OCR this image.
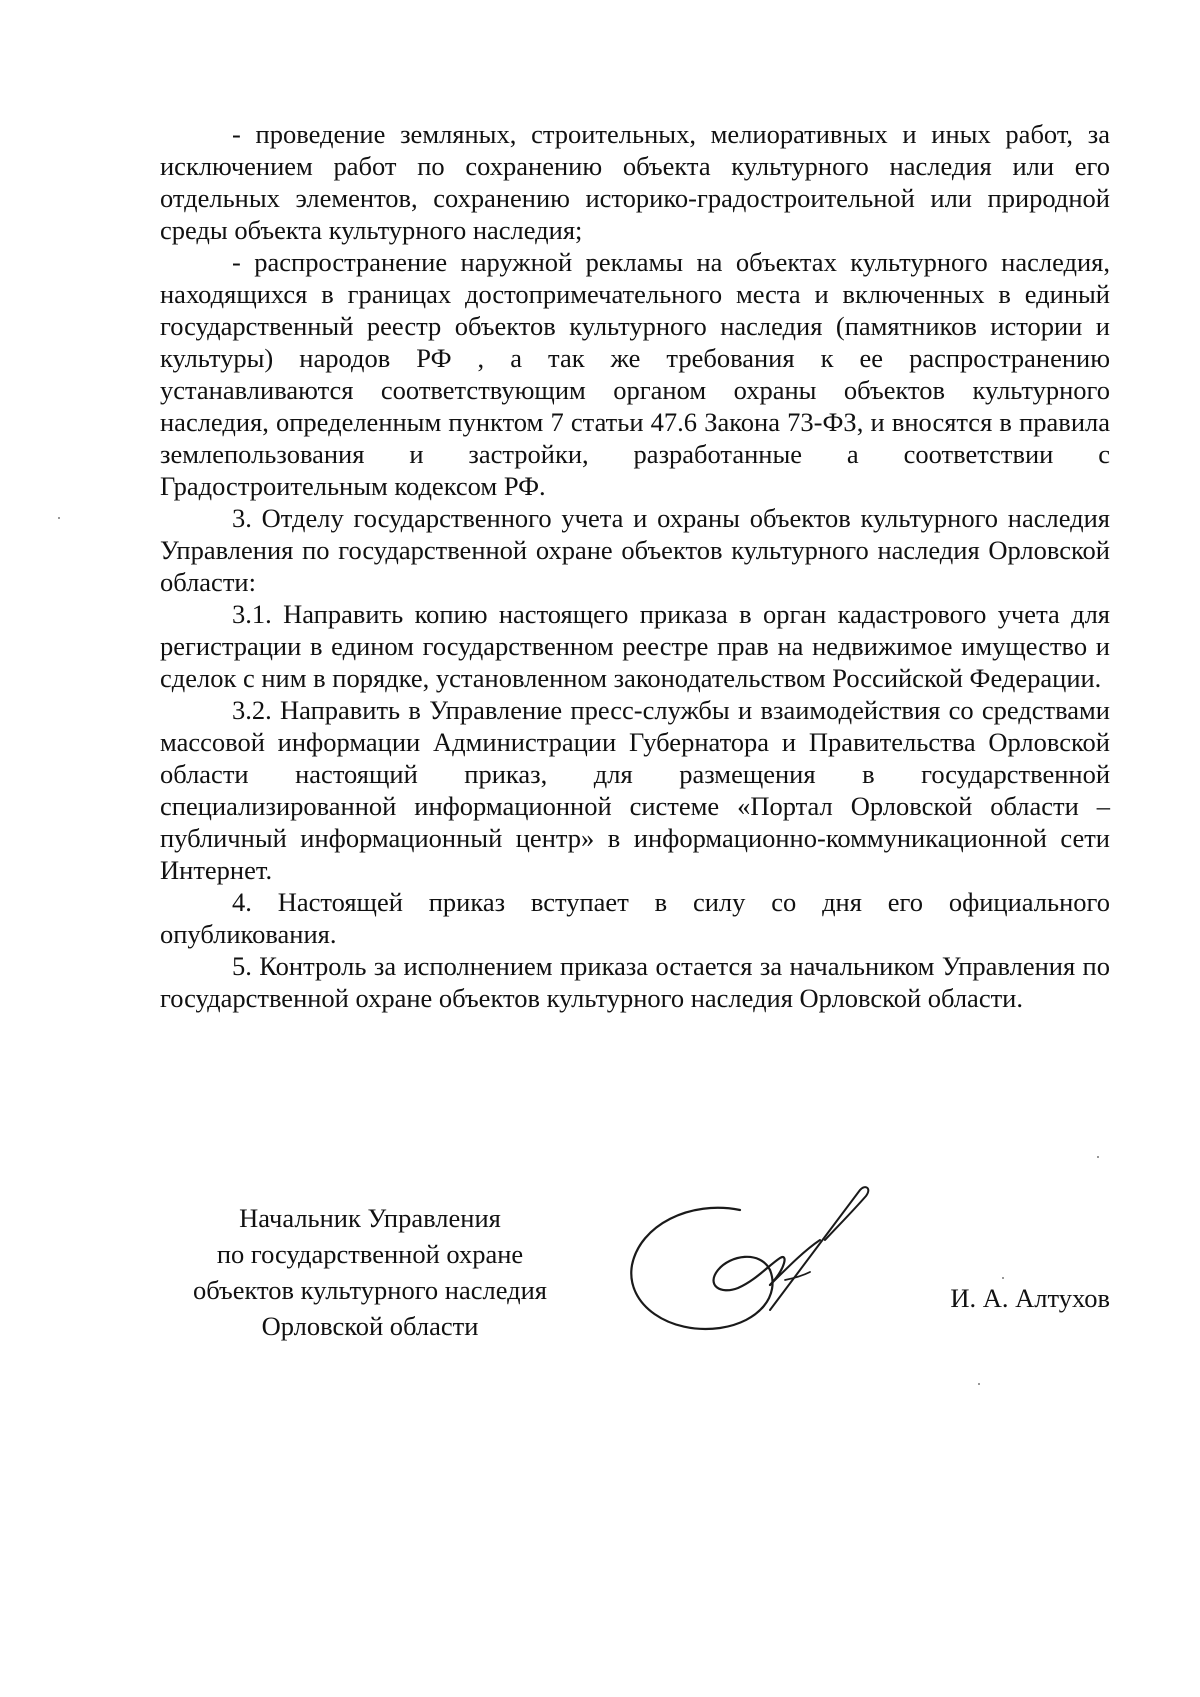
- проведение земляных, строительных, мелиоративных и иных работ, за исключением работ по сохранению объекта культурного наследия или его отдельных элементов, сохранению историко-градостроительной или природной среды объекта культурного наследия;

- распространение наружной рекламы на объектах культурного наследия, находящихся в границах достопримечательного места и включенных в единый государственный реестр объектов культурного наследия (памятников истории и культуры) народов РФ , а так же требования к ее распространению устанавливаются соответствующим органом охраны объектов культурного наследия, определенным пунктом 7 статьи 47.6 Закона 73-ФЗ, и вносятся в правила землепользования и застройки, разработанные а соответствии с Градостроительным кодексом РФ.

3. Отделу государственного учета и охраны объектов культурного наследия Управления по государственной охране объектов культурного наследия Орловской области:

3.1. Направить копию настоящего приказа в орган кадастрового учета для регистрации в едином государственном реестре прав на недвижимое имущество и сделок с ним в порядке, установленном законодательством Российской Федерации.

3.2. Направить в Управление пресс-службы и взаимодействия со средствами массовой информации Администрации Губернатора и Правительства Орловской области настоящий приказ, для размещения в государственной специализированной информационной системе «Портал Орловской области – публичный информационный центр» в информационно-коммуникационной сети Интернет.

4. Настоящей приказ вступает в силу со дня его официального опубликования.

5. Контроль за исполнением приказа остается за начальником Управления по государственной охране объектов культурного наследия Орловской области.

Начальник Управления
по государственной охране
объектов культурного наследия
Орловской области
И. А. Алтухов
